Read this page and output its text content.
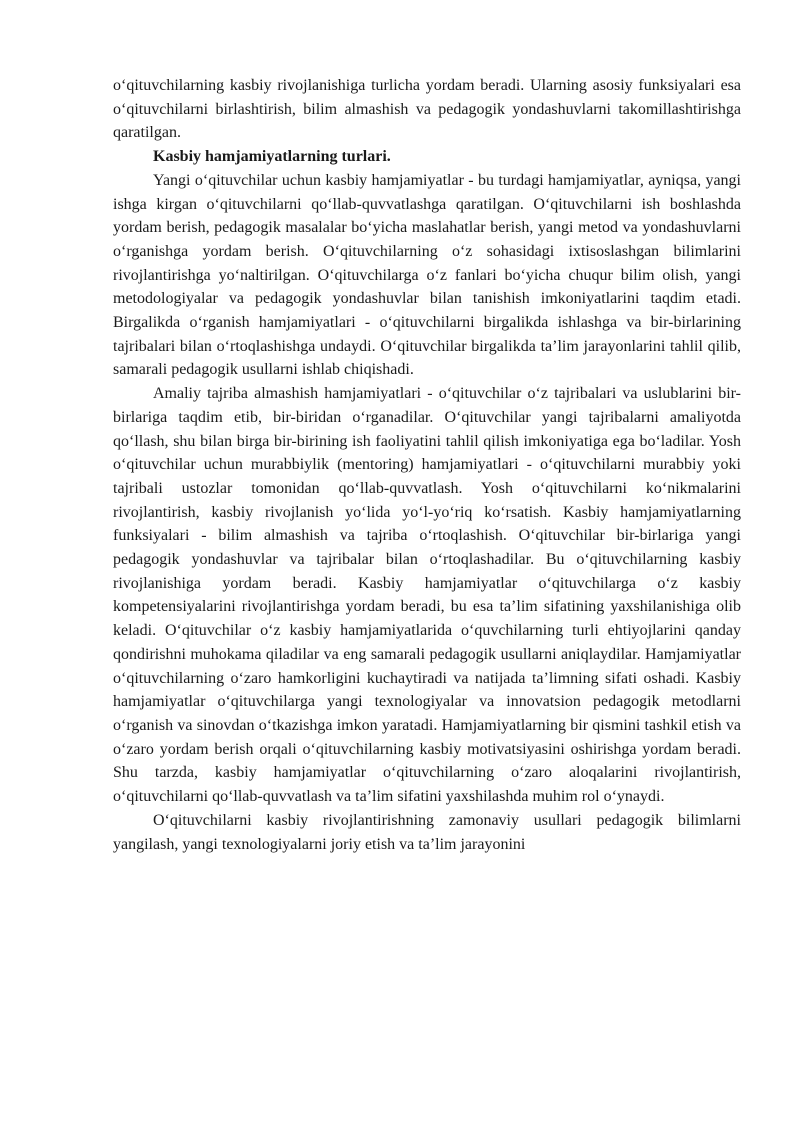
o‘qituvchilarning kasbiy rivojlanishiga turlicha yordam beradi. Ularning asosiy funksiyalari esa o‘qituvchilarni birlashtirish, bilim almashish va pedagogik yondashuvlarni takomillashtirishga qaratilgan.

Kasbiy hamjamiyatlarning turlari.

Yangi o‘qituvchilar uchun kasbiy hamjamiyatlar - bu turdagi hamjamiyatlar, ayniqsa, yangi ishga kirgan o‘qituvchilarni qo‘llab-quvvatlashga qaratilgan. O‘qituvchilarni ish boshlashda yordam berish, pedagogik masalalar bo‘yicha maslahatlar berish, yangi metod va yondashuvlarni o‘rganishga yordam berish. O‘qituvchilarning o‘z sohasidagi ixtisoslashgan bilimlarini rivojlantirishga yo‘naltirilgan. O‘qituvchilarga o‘z fanlari bo‘yicha chuqur bilim olish, yangi metodologiyalar va pedagogik yondashuvlar bilan tanishish imkoniyatlarini taqdim etadi. Birgalikda o‘rganish hamjamiyatlari - o‘qituvchilarni birgalikda ishlashga va bir-birlarining tajribalari bilan o‘rtoqlashishga undaydi. O‘qituvchilar birgalikda ta’lim jarayonlarini tahlil qilib, samarali pedagogik usullarni ishlab chiqishadi.

Amaliy tajriba almashish hamjamiyatlari - o‘qituvchilar o‘z tajribalari va uslublarini bir-birlariga taqdim etib, bir-biridan o‘rganadilar. O‘qituvchilar yangi tajribalarni amaliyotda qo‘llash, shu bilan birga bir-birining ish faoliyatini tahlil qilish imkoniyatiga ega bo‘ladilar. Yosh o‘qituvchilar uchun murabbiylik (mentoring) hamjamiyatlari - o‘qituvchilarni murabbiy yoki tajribali ustozlar tomonidan qo‘llab-quvvatlash. Yosh o‘qituvchilarni ko‘nikmalarini rivojlantirish, kasbiy rivojlanish yo‘lida yo‘l-yo‘riq ko‘rsatish. Kasbiy hamjamiyatlarning funksiyalari - bilim almashish va tajriba o‘rtoqlashish. O‘qituvchilar bir-birlariga yangi pedagogik yondashuvlar va tajribalar bilan o‘rtoqlashadilar. Bu o‘qituvchilarning kasbiy rivojlanishiga yordam beradi. Kasbiy hamjamiyatlar o‘qituvchilarga o‘z kasbiy kompetensiyalarini rivojlantirishga yordam beradi, bu esa ta’lim sifatining yaxshilanishiga olib keladi. O‘qituvchilar o‘z kasbiy hamjamiyatlarida o‘quvchilarning turli ehtiyojlarini qanday qondirishni muhokama qiladilar va eng samarali pedagogik usullarni aniqlaydilar. Hamjamiyatlar o‘qituvchilarning o‘zaro hamkorligini kuchaytiradi va natijada ta’limning sifati oshadi. Kasbiy hamjamiyatlar o‘qituvchilarga yangi texnologiyalar va innovatsion pedagogik metodlarni o‘rganish va sinovdan o‘tkazishga imkon yaratadi. Hamjamiyatlarning bir qismini tashkil etish va o‘zaro yordam berish orqali o‘qituvchilarning kasbiy motivatsiyasini oshirishga yordam beradi. Shu tarzda, kasbiy hamjamiyatlar o‘qituvchilarning o‘zaro aloqalarini rivojlantirish, o‘qituvchilarni qo‘llab-quvvatlash va ta’lim sifatini yaxshilashda muhim rol o‘ynaydi.

O‘qituvchilarni kasbiy rivojlantirishning zamonaviy usullari pedagogik bilimlarni yangilash, yangi texnologiyalarni joriy etish va ta’lim jarayonini
